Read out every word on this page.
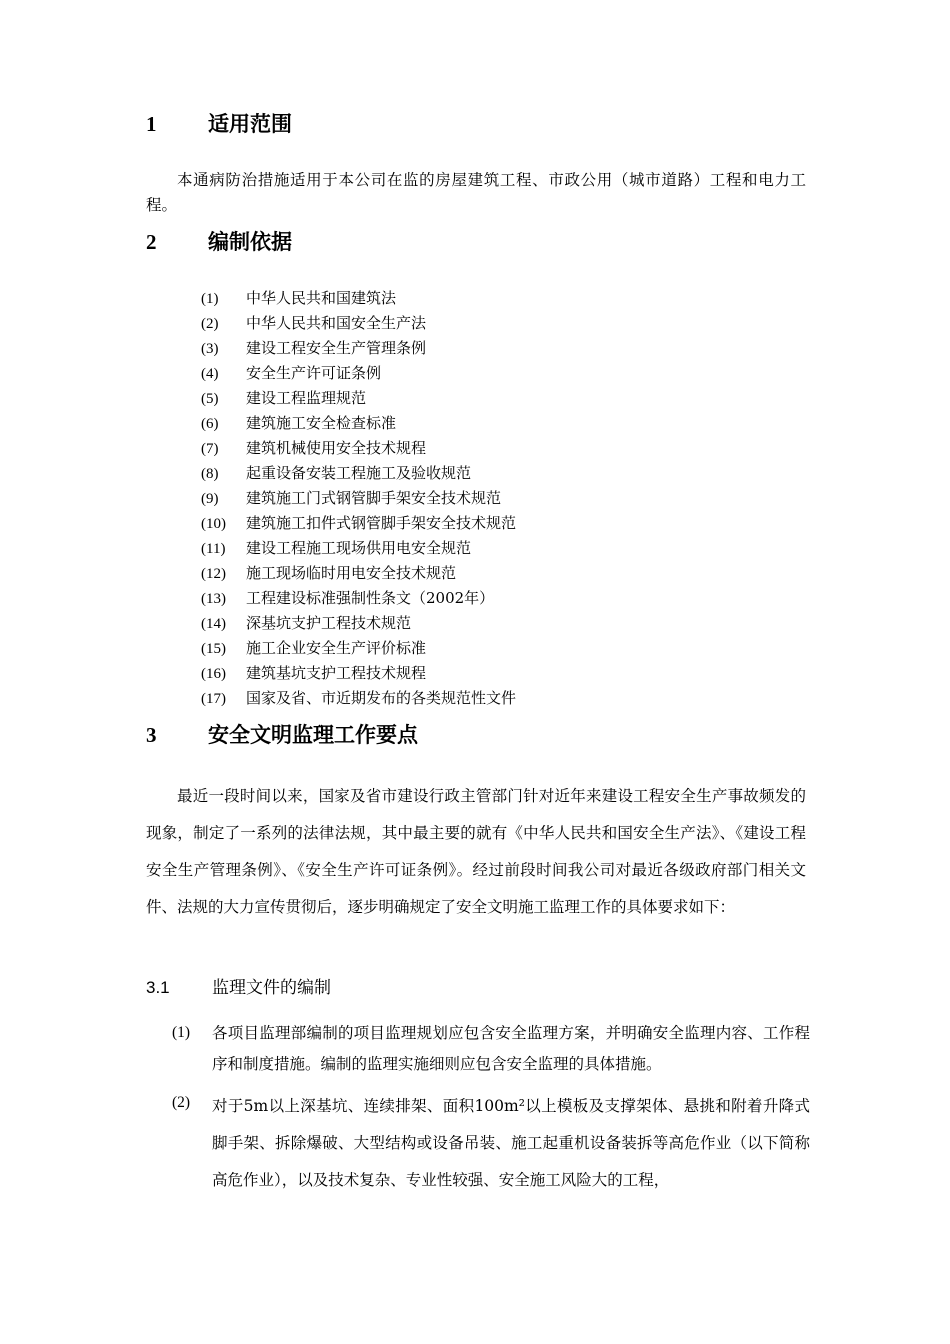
1 适用范围
本通病防治措施适用于本公司在监的房屋建筑工程、市政公用（城市道路）工程和电力工程。
2 编制依据
(1) 中华人民共和国建筑法
(2) 中华人民共和国安全生产法
(3) 建设工程安全生产管理条例
(4) 安全生产许可证条例
(5) 建设工程监理规范
(6) 建筑施工安全检查标准
(7) 建筑机械使用安全技术规程
(8) 起重设备安装工程施工及验收规范
(9) 建筑施工门式钢管脚手架安全技术规范
(10) 建筑施工扣件式钢管脚手架安全技术规范
(11) 建设工程施工现场供用电安全规范
(12) 施工现场临时用电安全技术规范
(13) 工程建设标准强制性条文（2002年）
(14) 深基坑支护工程技术规范
(15) 施工企业安全生产评价标准
(16) 建筑基坑支护工程技术规程
(17) 国家及省、市近期发布的各类规范性文件
3 安全文明监理工作要点
最近一段时间以来，国家及省市建设行政主管部门针对近年来建设工程安全生产事故频发的现象，制定了一系列的法律法规，其中最主要的就有《中华人民共和国安全生产法》、《建设工程安全生产管理条例》、《安全生产许可证条例》。经过前段时间我公司对最近各级政府部门相关文件、法规的大力宣传贯彻后，逐步明确规定了安全文明施工监理工作的具体要求如下：
3.1 监理文件的编制
(1) 各项目监理部编制的项目监理规划应包含安全监理方案，并明确安全监理内容、工作程序和制度措施。编制的监理实施细则应包含安全监理的具体措施。
(2) 对于5m以上深基坑、连续排架、面积100m²以上模板及支撑架体、悬挑和附着升降式脚手架、拆除爆破、大型结构或设备吊装、施工起重机设备装拆等高危作业（以下简称高危作业），以及技术复杂、专业性较强、安全施工风险大的工程，
